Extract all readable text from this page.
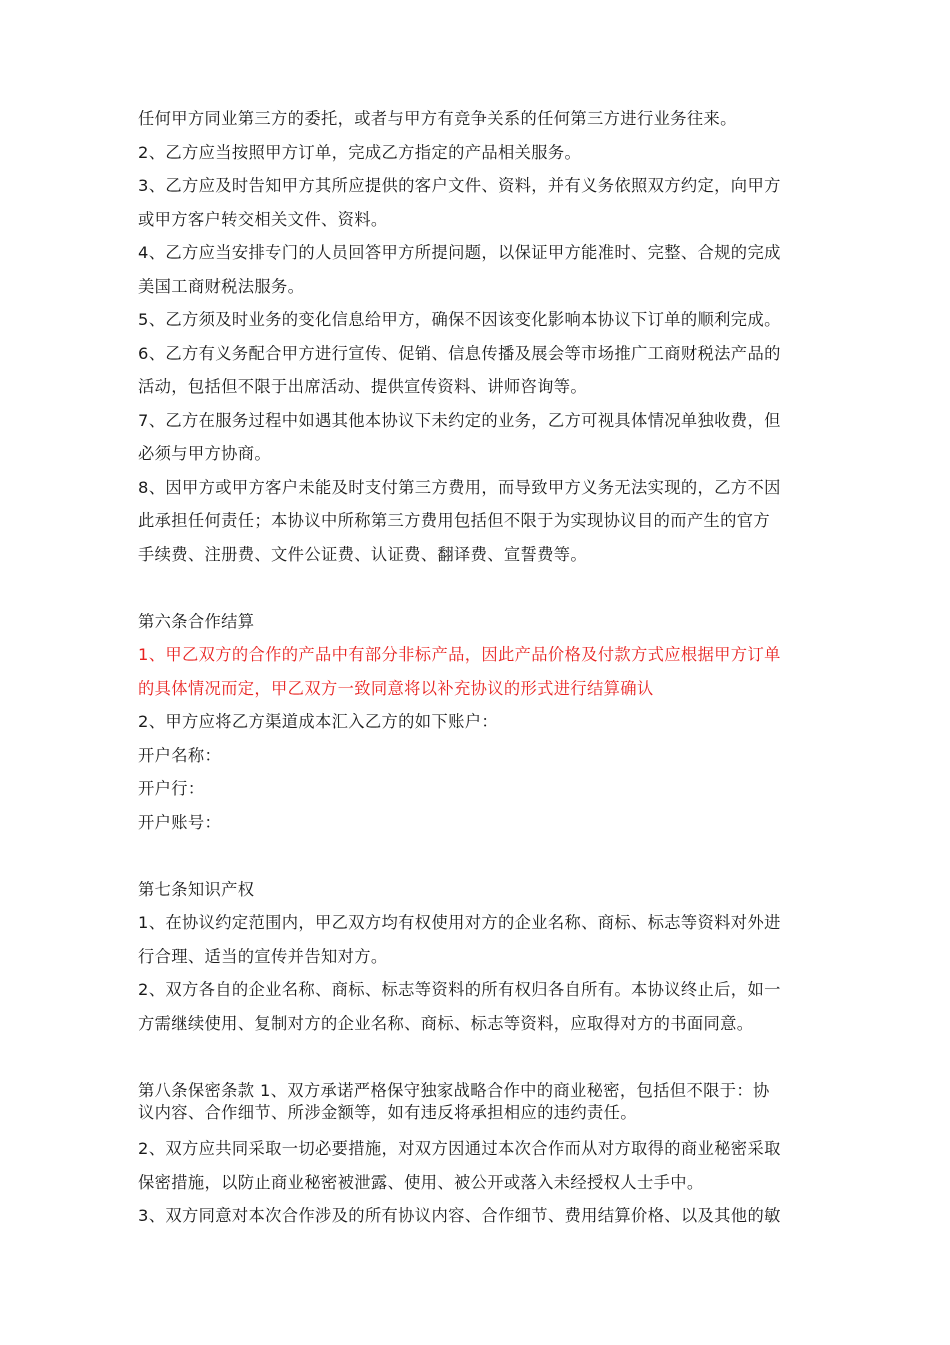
任何甲方同业第三方的委托，或者与甲方有竞争关系的任何第三方进行业务往来。
2、乙方应当按照甲方订单，完成乙方指定的产品相关服务。
3、乙方应及时告知甲方其所应提供的客户文件、资料，并有义务依照双方约定，向甲方
或甲方客户转交相关文件、资料。
4、乙方应当安排专门的人员回答甲方所提问题，以保证甲方能准时、完整、合规的完成
美国工商财税法服务。
5、乙方须及时业务的变化信息给甲方，确保不因该变化影响本协议下订单的顺利完成。
6、乙方有义务配合甲方进行宣传、促销、信息传播及展会等市场推广工商财税法产品的
活动，包括但不限于出席活动、提供宣传资料、讲师咨询等。
7、乙方在服务过程中如遇其他本协议下未约定的业务，乙方可视具体情况单独收费，但
必须与甲方协商。
8、因甲方或甲方客户未能及时支付第三方费用，而导致甲方义务无法实现的，乙方不因
此承担任何责任；本协议中所称第三方费用包括但不限于为实现协议目的而产生的官方
手续费、注册费、文件公证费、认证费、翻译费、宣誓费等。
第六条合作结算
1、甲乙双方的合作的产品中有部分非标产品，因此产品价格及付款方式应根据甲方订单
的具体情况而定，甲乙双方一致同意将以补充协议的形式进行结算确认
2、甲方应将乙方渠道成本汇入乙方的如下账户：
开户名称：
开户行：
开户账号：
第七条知识产权
1、在协议约定范围内，甲乙双方均有权使用对方的企业名称、商标、标志等资料对外进
行合理、适当的宣传并告知对方。
2、双方各自的企业名称、商标、标志等资料的所有权归各自所有。本协议终止后，如一
方需继续使用、复制对方的企业名称、商标、标志等资料，应取得对方的书面同意。
第八条保密条款 1、双方承诺严格保守独家战略合作中的商业秘密，包括但不限于：协
议内容、合作细节、所涉金额等，如有违反将承担相应的违约责任。
2、双方应共同采取一切必要措施，对双方因通过本次合作而从对方取得的商业秘密采取
保密措施，以防止商业秘密被泄露、使用、被公开或落入未经授权人士手中。
3、双方同意对本次合作涉及的所有协议内容、合作细节、费用结算价格、以及其他的敏
